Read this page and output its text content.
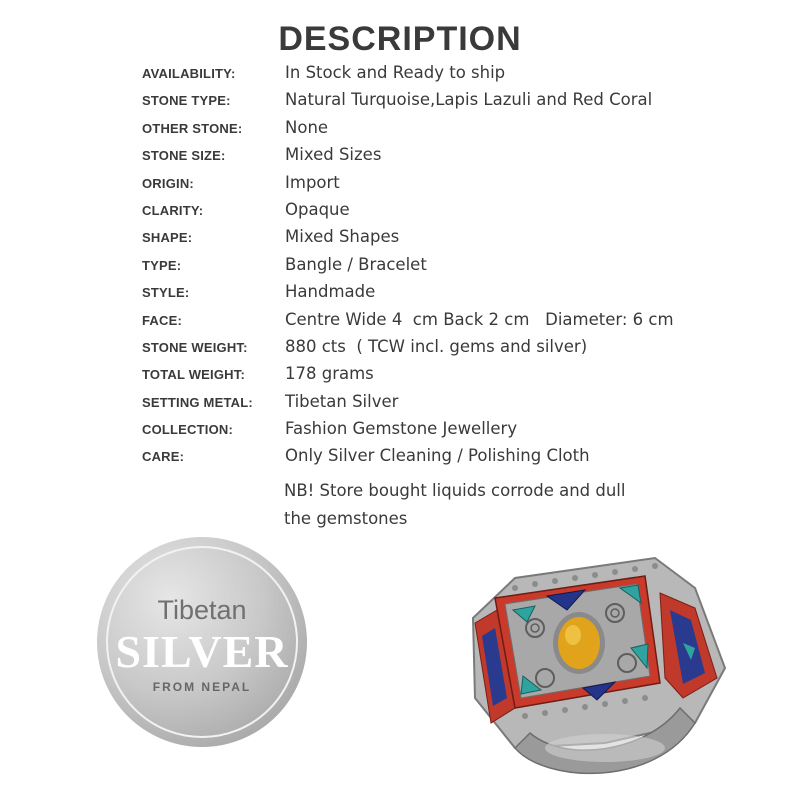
DESCRIPTION
AVAILABILITY:	In Stock and Ready to ship
STONE TYPE:	Natural Turquoise,Lapis Lazuli and Red Coral
OTHER STONE:	None
STONE SIZE:	Mixed Sizes
ORIGIN:	Import
CLARITY:	Opaque
SHAPE:	Mixed Shapes
TYPE:	Bangle / Bracelet
STYLE:	Handmade
FACE:	Centre Wide 4  cm Back 2 cm   Diameter: 6 cm
STONE WEIGHT:	880 cts  ( TCW incl. gems and silver)
TOTAL WEIGHT:	178 grams
SETTING METAL:	Tibetan Silver
COLLECTION:	Fashion Gemstone Jewellery
CARE:	Only Silver Cleaning / Polishing Cloth
NB! Store bought liquids corrode and dull
the gemstones
Tibetan
SILVER
FROM NEPAL
